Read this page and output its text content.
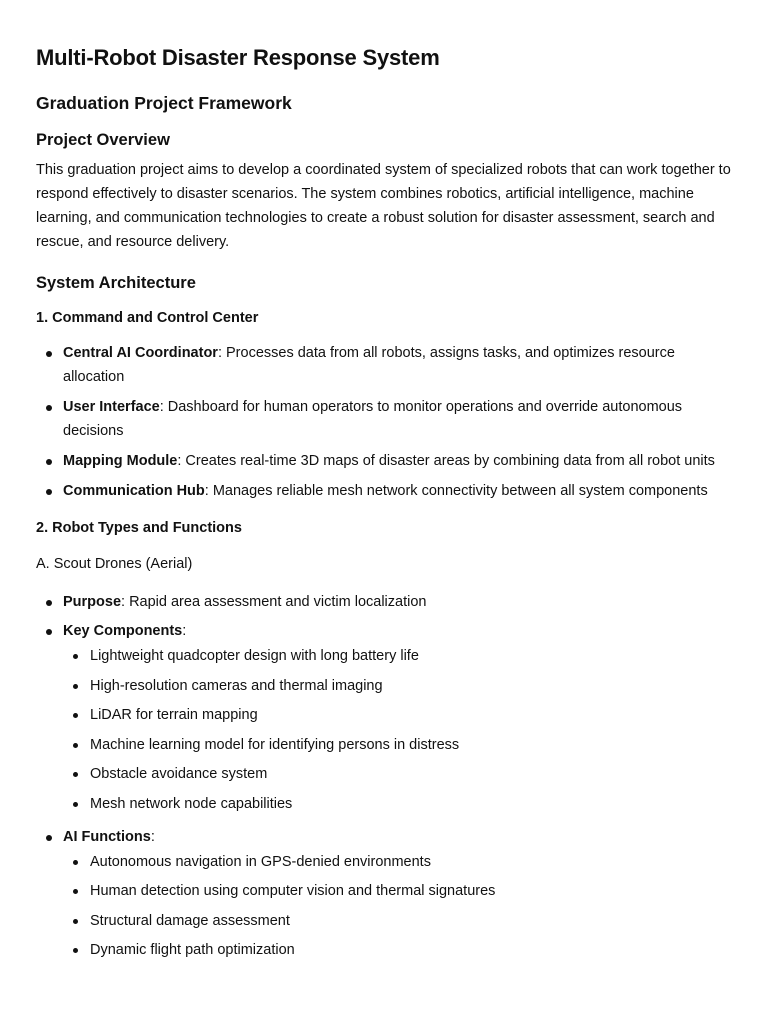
Multi-Robot Disaster Response System
Graduation Project Framework
Project Overview

This graduation project aims to develop a coordinated system of specialized robots that can work together to respond effectively to disaster scenarios. The system combines robotics, artificial intelligence, machine learning, and communication technologies to create a robust solution for disaster assessment, search and rescue, and resource delivery.

System Architecture
1. Command and Control Center
Central AI Coordinator: Processes data from all robots, assigns tasks, and optimizes resource allocation
User Interface: Dashboard for human operators to monitor operations and override autonomous decisions
Mapping Module: Creates real-time 3D maps of disaster areas by combining data from all robot units
Communication Hub: Manages reliable mesh network connectivity between all system components
2. Robot Types and Functions

A. Scout Drones (Aerial)

Purpose: Rapid area assessment and victim localization
Key Components:
Lightweight quadcopter design with long battery life
High-resolution cameras and thermal imaging
LiDAR for terrain mapping
Machine learning model for identifying persons in distress
Obstacle avoidance system
Mesh network node capabilities
AI Functions:
Autonomous navigation in GPS-denied environments
Human detection using computer vision and thermal signatures
Structural damage assessment
Dynamic flight path optimization
